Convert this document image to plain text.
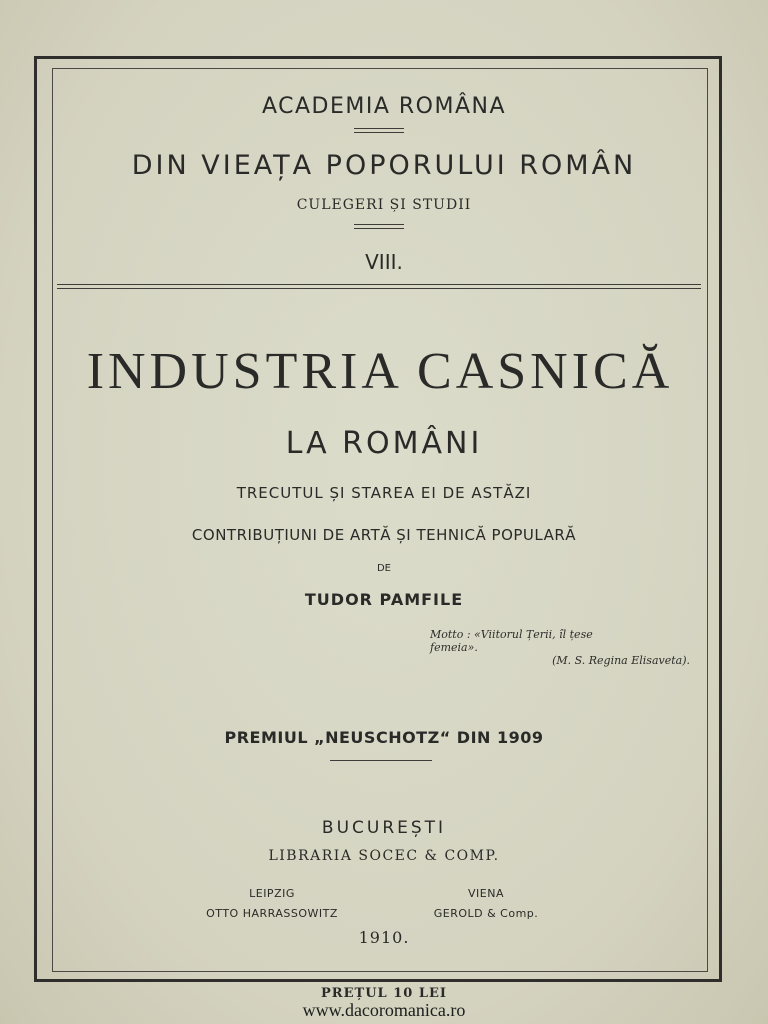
ACADEMIA ROMÂNA
DIN VIEAȚA POPORULUI ROMÂN
CULEGERI ȘI STUDII
VIII.
INDUSTRIA CASNICĂ
LA ROMÂNI
TRECUTUL ȘI STAREA EI DE ASTĂZI
CONTRIBUȚIUNI DE ARTĂ ȘI TEHNICĂ POPULARĂ
DE
TUDOR PAMFILE
Motto : «Viitorul Țerii, îl țese
femeia».
(M. S. Regina Elisaveta).
PREMIUL „NEUSCHOTZ“ DIN 1909
BUCUREȘTI
LIBRARIA SOCEC & COMP.
LEIPZIG
OTTO HARRASSOWITZ
VIENA
GEROLD & Comp.
1910.
PREȚUL 10 LEI
www.dacoromanica.ro
